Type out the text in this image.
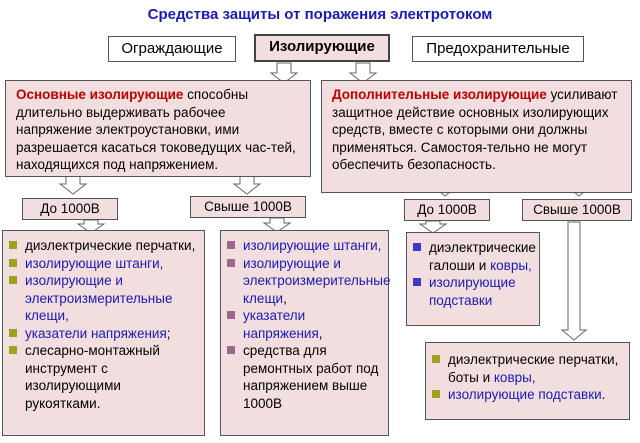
Средства защиты от поражения электротоком
Ограждающие	Изолирующие	Предохранительные
Основные изолирующие способны длительно выдерживать рабочее напряжение электроустановки, ими разрешается касаться токоведущих час-тей, находящихся под напряжением.
Дополнительные изолирующие усиливают защитное действие основных изолирующих средств, вместе с которыми они должны применяться. Самостоя-тельно не могут обеспечить безопасность.
До 1000В	Свыше 1000В	До 1000В	Свыше 1000В
диэлектрические перчатки,
изолирующие штанги,
изолирующие и электроизмерительные клещи,
указатели напряжения;
слесарно-монтажный инструмент с изолирующими рукоятками.
изолирующие штанги,
изолирующие и электроизмерительные клещи,
указатели напряжения,
средства для ремонтных работ под напряжением выше 1000В
диэлектрические галоши и ковры,
изолирующие подставки
диэлектрические перчатки, боты и ковры,
изолирующие подставки.
